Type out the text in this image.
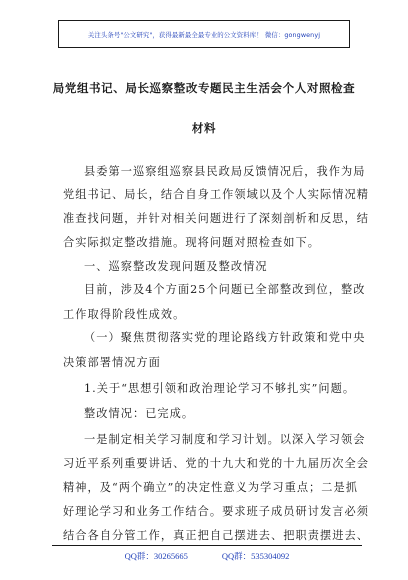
关注头条号"公文研究"，获得最新最全最专业的公文资料库！ 微信：gongwenyj
局党组书记、局长巡察整改专题民主生活会个人对照检查
材料
县委第一巡察组巡察县民政局反馈情况后，我作为局
党组书记、局长，结合自身工作领域以及个人实际情况精
准查找问题，并针对相关问题进行了深刻剖析和反思，结
合实际拟定整改措施。现将问题对照检查如下。
一、巡察整改发现问题及整改情况
目前，涉及4个方面25个问题已全部整改到位，整改
工作取得阶段性成效。
（一）聚焦贯彻落实党的理论路线方针政策和党中央
决策部署情况方面
1.关于“思想引领和政治理论学习不够扎实”问题。
整改情况：已完成。
一是制定相关学习制度和学习计划。以深入学习领会
习近平系列重要讲话、党的十九大和党的十九届历次全会
精神，及“两个确立”的决定性意义为学习重点；二是抓
好理论学习和业务工作结合。要求班子成员研讨发言必须
QQ群：30265665	QQ群：535304092
结合各自分管工作，真正把自己摆进去、把职责摆进去、
